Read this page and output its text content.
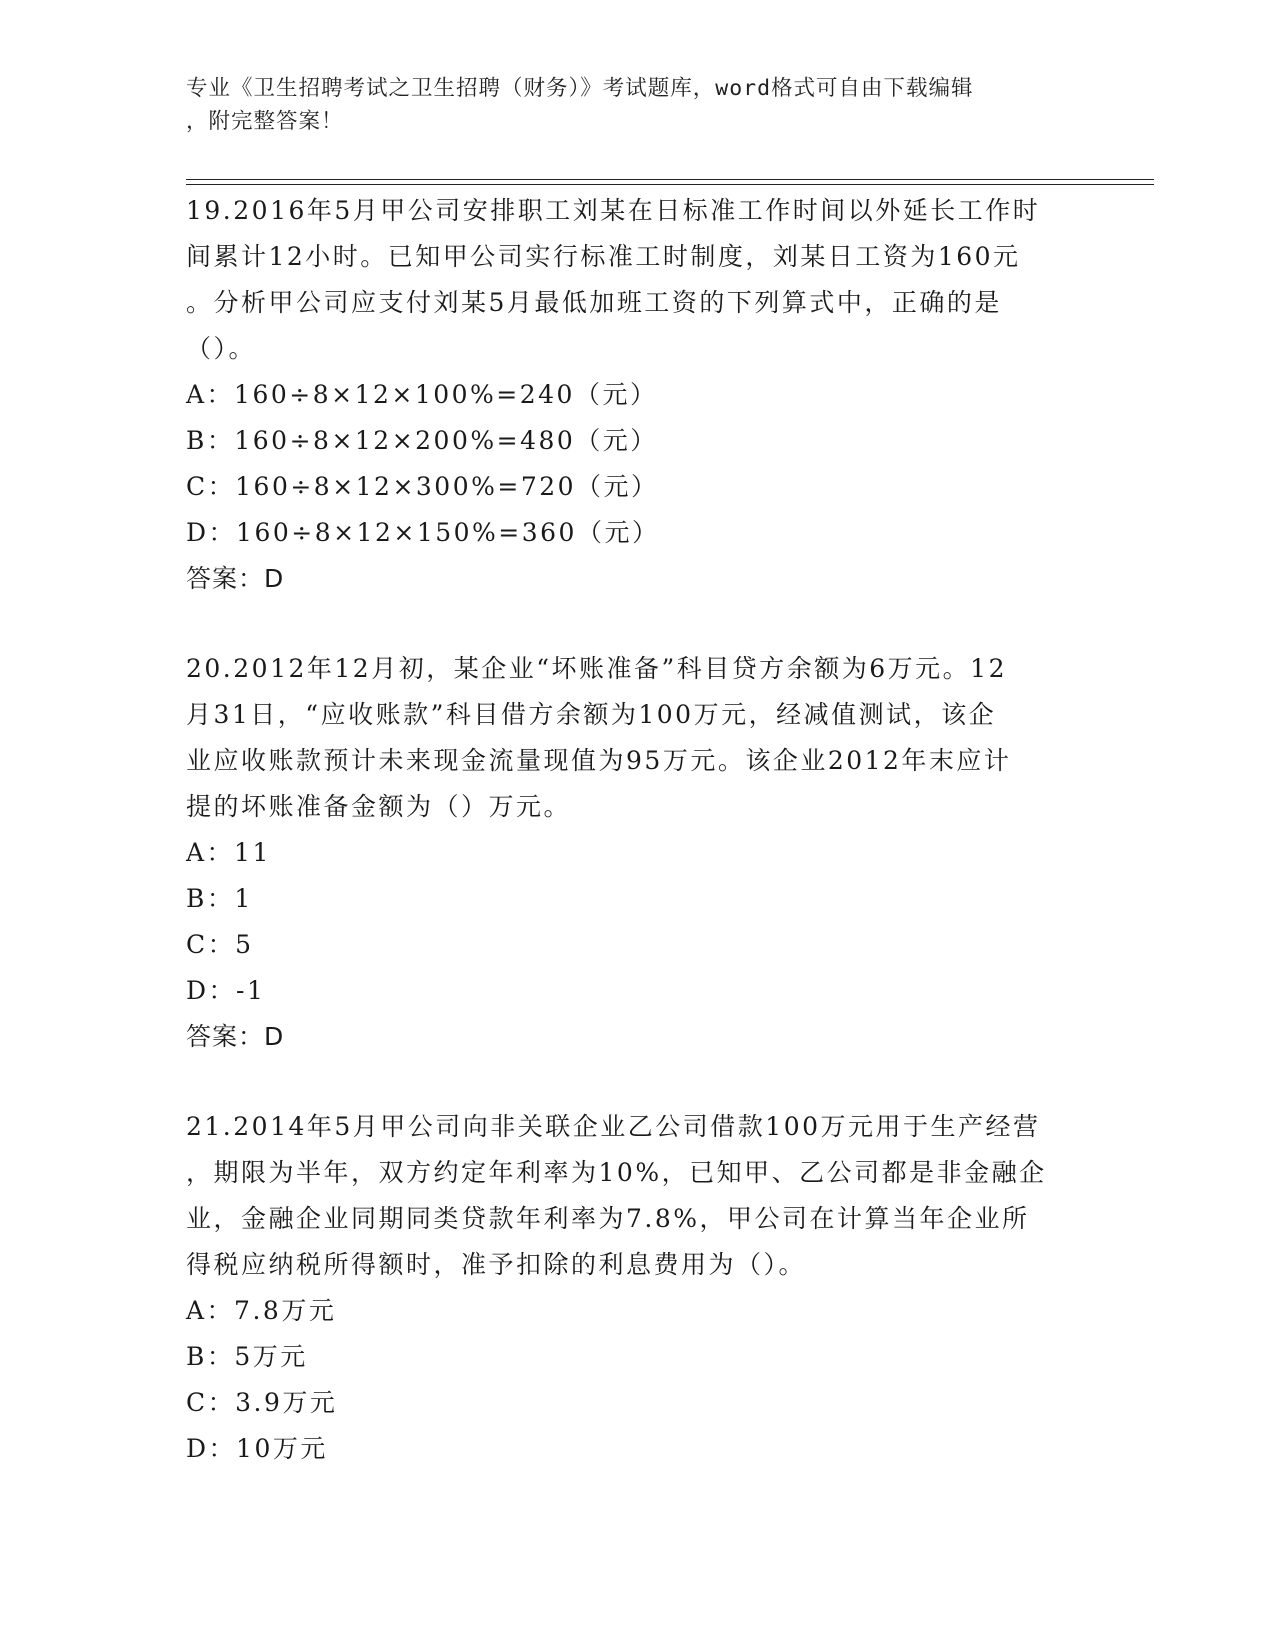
专业《卫生招聘考试之卫生招聘（财务）》考试题库，word格式可自由下载编辑
，附完整答案！
19.2016年5月甲公司安排职工刘某在日标准工作时间以外延长工作时
间累计12小时。已知甲公司实行标准工时制度，刘某日工资为160元
。分析甲公司应支付刘某5月最低加班工资的下列算式中，正确的是
（）。
A：160÷8×12×100%=240（元）
B：160÷8×12×200%=480（元）
C：160÷8×12×300%=720（元）
D：160÷8×12×150%=360（元）
答案：D
20.2012年12月初，某企业“坏账准备”科目贷方余额为6万元。12
月31日，“应收账款”科目借方余额为100万元，经减值测试，该企
业应收账款预计未来现金流量现值为95万元。该企业2012年末应计
提的坏账准备金额为（）万元。
A：11
B：1
C：5
D：-1
答案：D
21.2014年5月甲公司向非关联企业乙公司借款100万元用于生产经营
，期限为半年，双方约定年利率为10%，已知甲、乙公司都是非金融企
业，金融企业同期同类贷款年利率为7.8%，甲公司在计算当年企业所
得税应纳税所得额时，准予扣除的利息费用为（）。
A：7.8万元
B：5万元
C：3.9万元
D：10万元
